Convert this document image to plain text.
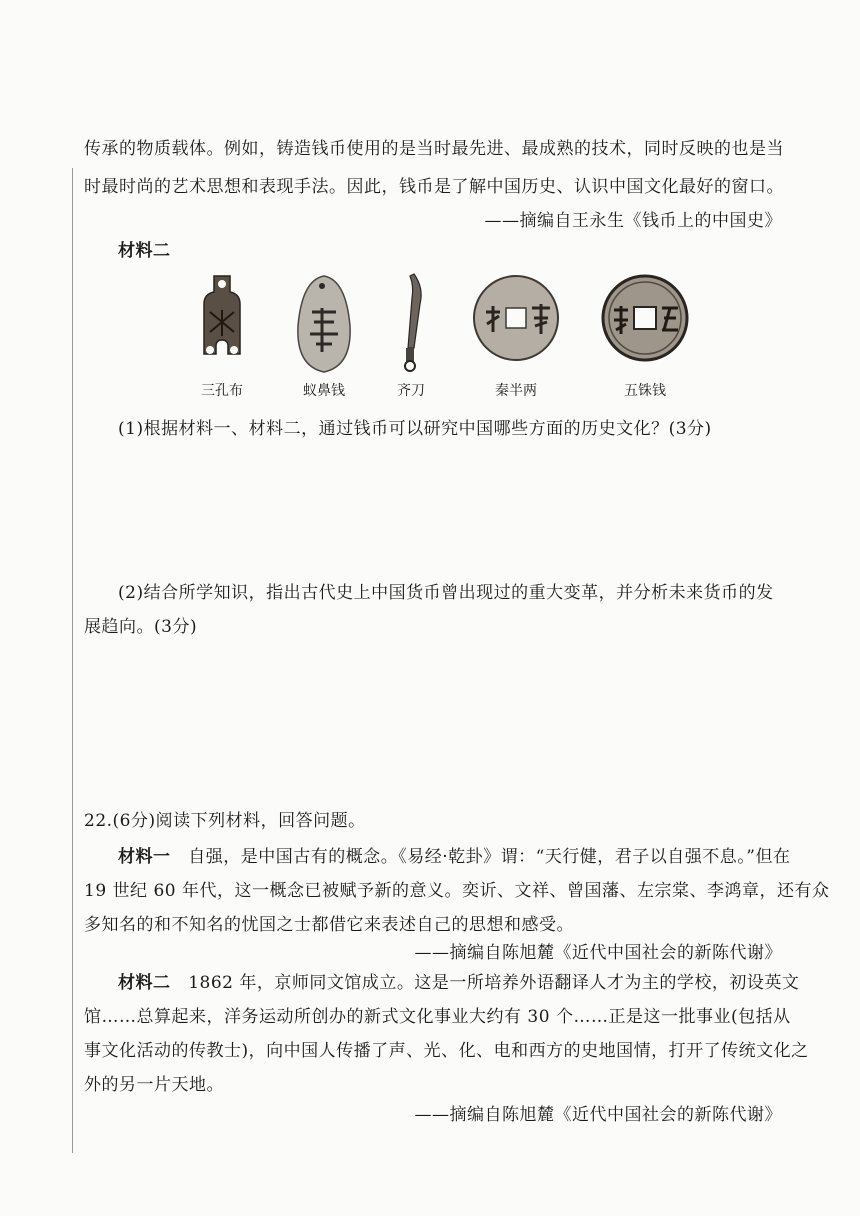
传承的物质载体。例如，铸造钱币使用的是当时最先进、最成熟的技术，同时反映的也是当
时最时尚的艺术思想和表现手法。因此，钱币是了解中国历史、认识中国文化最好的窗口。
——摘编自王永生《钱币上的中国史》
材料二
三孔布	蚁鼻钱	齐刀	秦半两	五铢钱
(1)根据材料一、材料二，通过钱币可以研究中国哪些方面的历史文化？(3分)
(2)结合所学知识，指出古代史上中国货币曾出现过的重大变革，并分析未来货币的发
展趋向。(3分)
22.(6分)阅读下列材料，回答问题。
材料一 自强，是中国古有的概念。《易经·乾卦》谓：“天行健，君子以自强不息。”但在
19 世纪 60 年代，这一概念已被赋予新的意义。奕䜣、文祥、曾国藩、左宗棠、李鸿章，还有众
多知名的和不知名的忧国之士都借它来表述自己的思想和感受。
——摘编自陈旭麓《近代中国社会的新陈代谢》
材料二 1862 年，京师同文馆成立。这是一所培养外语翻译人才为主的学校，初设英文
馆……总算起来，洋务运动所创办的新式文化事业大约有 30 个……正是这一批事业(包括从
事文化活动的传教士)，向中国人传播了声、光、化、电和西方的史地国情，打开了传统文化之
外的另一片天地。
——摘编自陈旭麓《近代中国社会的新陈代谢》
